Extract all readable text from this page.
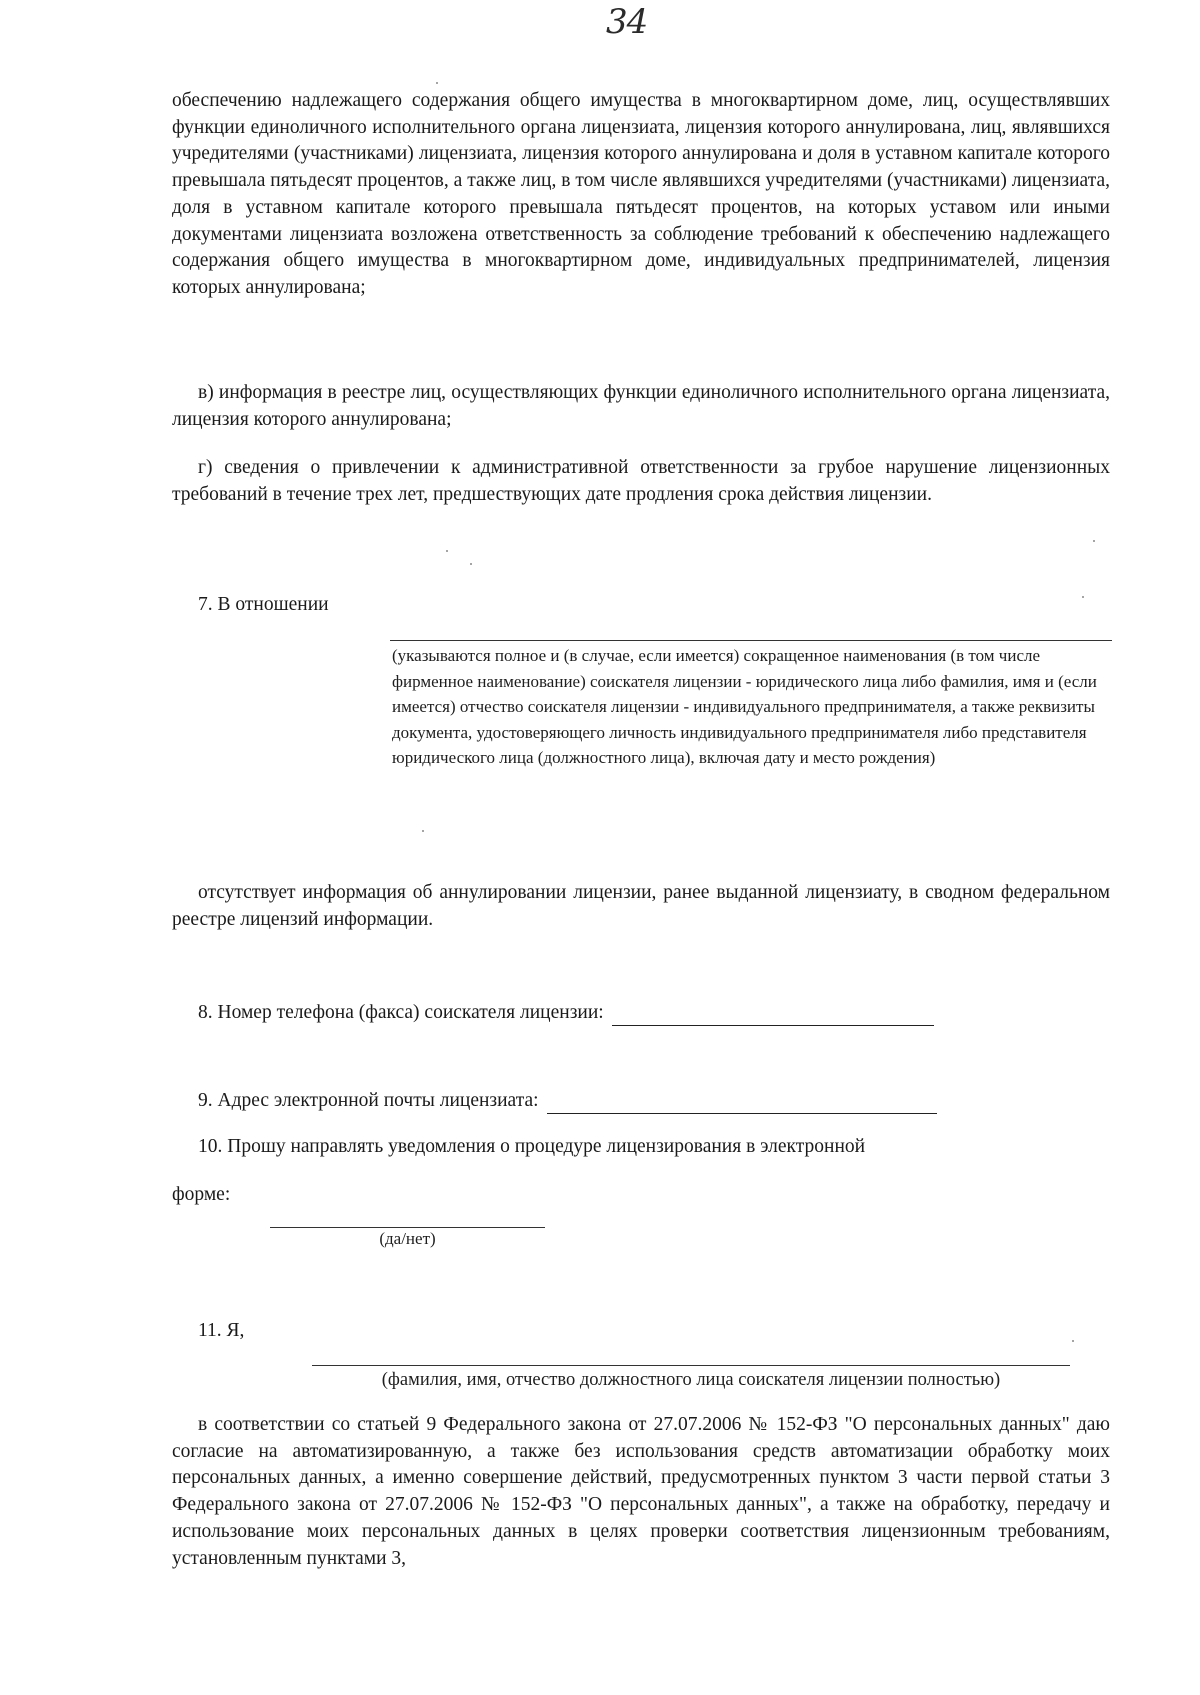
34

обеспечению надлежащего содержания общего имущества в многоквартирном доме, лиц, осуществлявших функции единоличного исполнительного органа лицензиата, лицензия которого аннулирована, лиц, являвшихся учредителями (участниками) лицензиата, лицензия которого аннулирована и доля в уставном капитале которого превышала пятьдесят процентов, а также лиц, в том числе являвшихся учредителями (участниками) лицензиата, доля в уставном капитале которого превышала пятьдесят процентов, на которых уставом или иными документами лицензиата возложена ответственность за соблюдение требований к обеспечению надлежащего содержания общего имущества в многоквартирном доме, индивидуальных предпринимателей, лицензия которых аннулирована;

в) информация в реестре лиц, осуществляющих функции единоличного исполнительного органа лицензиата, лицензия которого аннулирована;

г) сведения о привлечении к административной ответственности за грубое нарушение лицензионных требований в течение трех лет, предшествующих дате продления срока действия лицензии.

7. В отношении

(указываются полное и (в случае, если имеется) сокращенное наименования (в том числе фирменное наименование) соискателя лицензии - юридического лица либо фамилия, имя и (если имеется) отчество соискателя лицензии - индивидуального предпринимателя, а также реквизиты документа, удостоверяющего личность индивидуального предпринимателя либо представителя юридического лица (должностного лица), включая дату и место рождения)

отсутствует информация об аннулировании лицензии, ранее выданной лицензиату, в сводном федеральном реестре лицензий информации.

8. Номер телефона (факса) соискателя лицензии:
9. Адрес электронной почты лицензиата:
10. Прошу направлять уведомления о процедуре лицензирования в электронной
форме:
(да/нет)
11. Я,
(фамилия, имя, отчество должностного лица соискателя лицензии полностью)

в соответствии со статьей 9 Федерального закона от 27.07.2006 № 152-ФЗ "О персональных данных" даю согласие на автоматизированную, а также без использования средств автоматизации обработку моих персональных данных, а именно совершение действий, предусмотренных пунктом 3 части первой статьи 3 Федерального закона от 27.07.2006 № 152-ФЗ "О персональных данных", а также на обработку, передачу и использование моих персональных данных в целях проверки соответствия лицензионным требованиям, установленным пунктами 3,
